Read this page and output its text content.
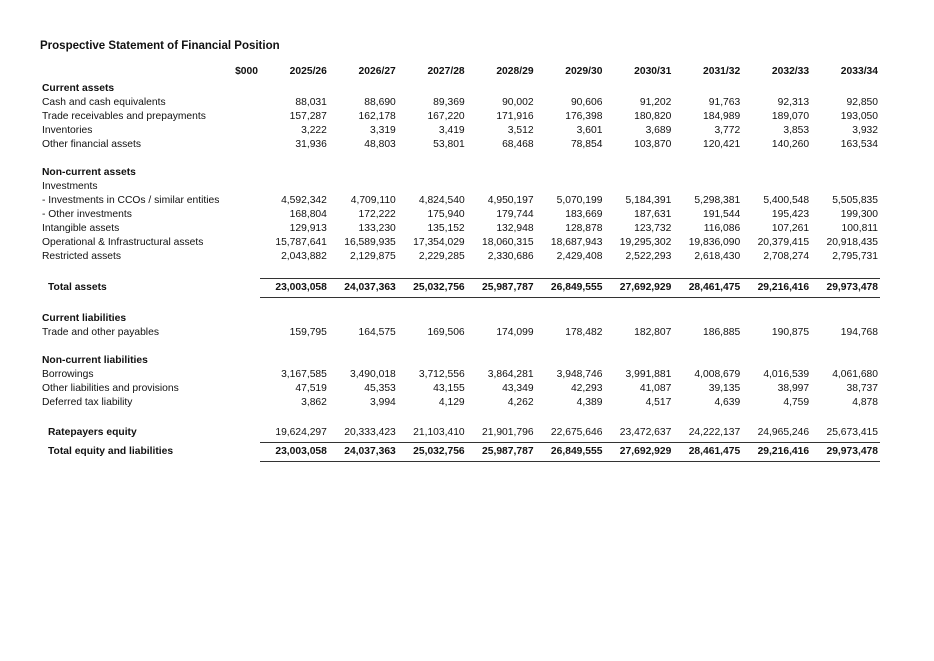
Prospective Statement of Financial Position
	$000	2025/26	2026/27	2027/28	2028/29	2029/30	2030/31	2031/32	2032/33	2033/34
Current assets										
Cash and cash equivalents		88,031	88,690	89,369	90,002	90,606	91,202	91,763	92,313	92,850
Trade receivables and prepayments		157,287	162,178	167,220	171,916	176,398	180,820	184,989	189,070	193,050
Inventories		3,222	3,319	3,419	3,512	3,601	3,689	3,772	3,853	3,932
Other financial assets		31,936	48,803	53,801	68,468	78,854	103,870	120,421	140,260	163,534

Non-current assets										
Investments										
- Investments in CCOs / similar entities		4,592,342	4,709,110	4,824,540	4,950,197	5,070,199	5,184,391	5,298,381	5,400,548	5,505,835
- Other investments		168,804	172,222	175,940	179,744	183,669	187,631	191,544	195,423	199,300
Intangible assets		129,913	133,230	135,152	132,948	128,878	123,732	116,086	107,261	100,811
Operational & Infrastructural assets		15,787,641	16,589,935	17,354,029	18,060,315	18,687,943	19,295,302	19,836,090	20,379,415	20,918,435
Restricted assets		2,043,882	2,129,875	2,229,285	2,330,686	2,429,408	2,522,293	2,618,430	2,708,274	2,795,731

Total assets		23,003,058	24,037,363	25,032,756	25,987,787	26,849,555	27,692,929	28,461,475	29,216,416	29,973,478

Current liabilities										
Trade and other payables		159,795	164,575	169,506	174,099	178,482	182,807	186,885	190,875	194,768

Non-current liabilities										
Borrowings		3,167,585	3,490,018	3,712,556	3,864,281	3,948,746	3,991,881	4,008,679	4,016,539	4,061,680
Other liabilities and provisions		47,519	45,353	43,155	43,349	42,293	41,087	39,135	38,997	38,737
Deferred tax liability		3,862	3,994	4,129	4,262	4,389	4,517	4,639	4,759	4,878

Ratepayers equity		19,624,297	20,333,423	21,103,410	21,901,796	22,675,646	23,472,637	24,222,137	24,965,246	25,673,415
Total equity and liabilities		23,003,058	24,037,363	25,032,756	25,987,787	26,849,555	27,692,929	28,461,475	29,216,416	29,973,478
